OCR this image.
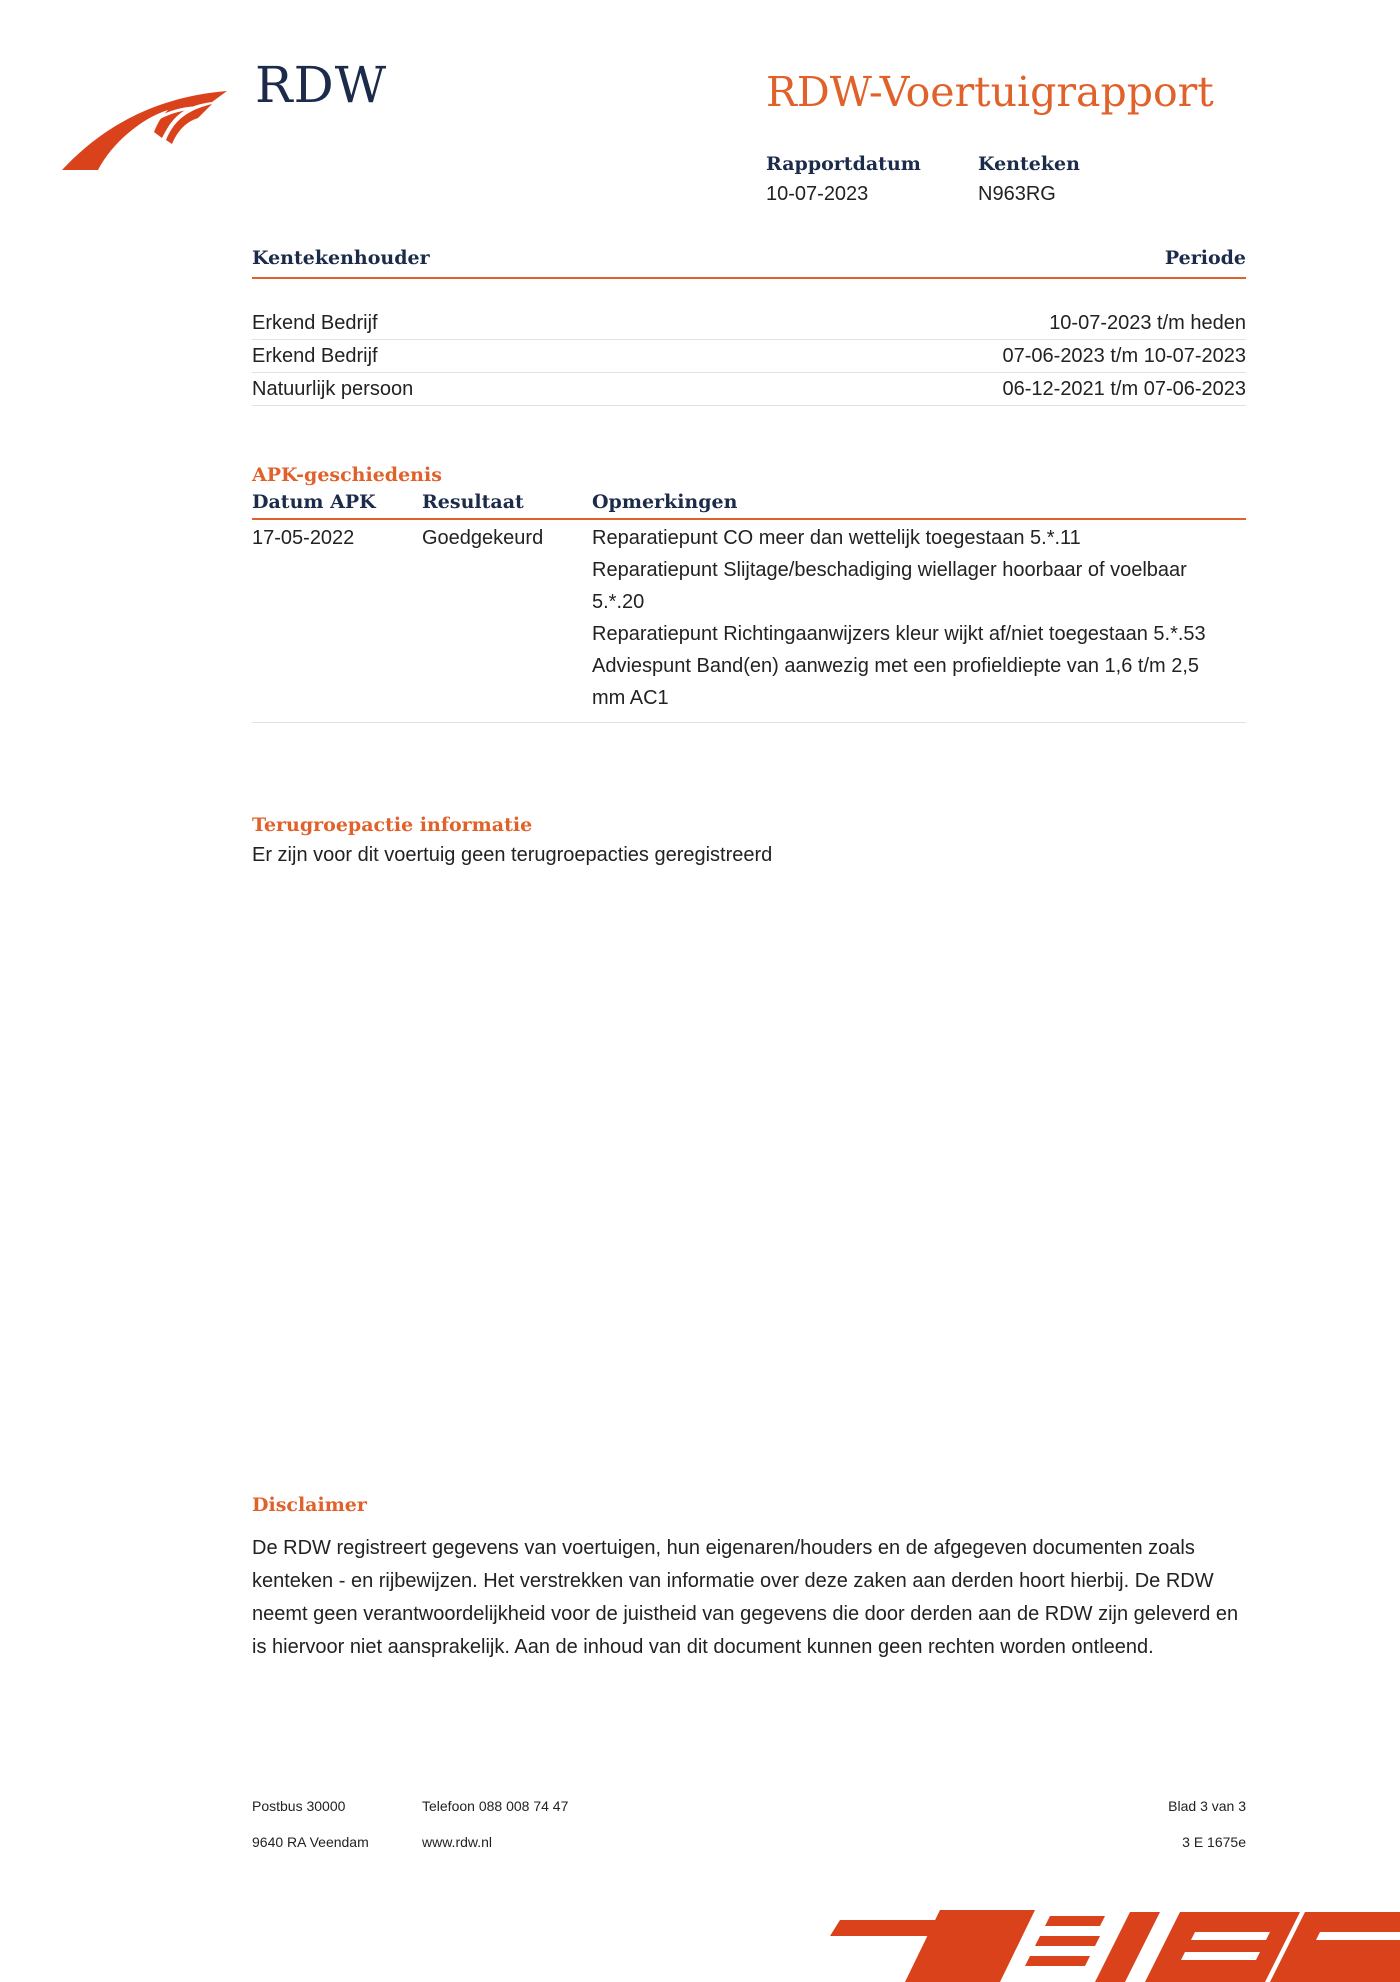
RDW	RDW-Voertuigrapport
Rapportdatum
10-07-2023
Kenteken
N963RG
Kentekenhouder	Periode
Erkend Bedrijf	10-07-2023 t/m heden
Erkend Bedrijf	07-06-2023 t/m 10-07-2023
Natuurlijk persoon	06-12-2021 t/m 07-06-2023
APK-geschiedenis
Datum APK	Resultaat	Opmerkingen
17-05-2022	Goedgekeurd	Reparatiepunt CO meer dan wettelijk toegestaan 5.*.11
Reparatiepunt Slijtage/beschadiging wiellager hoorbaar of voelbaar 5.*.20
Reparatiepunt Richtingaanwijzers kleur wijkt af/niet toegestaan 5.*.53
Adviespunt Band(en) aanwezig met een profieldiepte van 1,6 t/m 2,5 mm AC1
Terugroepactie informatie
Er zijn voor dit voertuig geen terugroepacties geregistreerd
Disclaimer
De RDW registreert gegevens van voertuigen, hun eigenaren/houders en de afgegeven documenten zoals kenteken - en rijbewijzen. Het verstrekken van informatie over deze zaken aan derden hoort hierbij. De RDW neemt geen verantwoordelijkheid voor de juistheid van gegevens die door derden aan de RDW zijn geleverd en is hiervoor niet aansprakelijk. Aan de inhoud van dit document kunnen geen rechten worden ontleend.
Postbus 30000
9640 RA Veendam
Telefoon 088 008 74 47
www.rdw.nl
Blad 3 van 3
3 E 1675e
